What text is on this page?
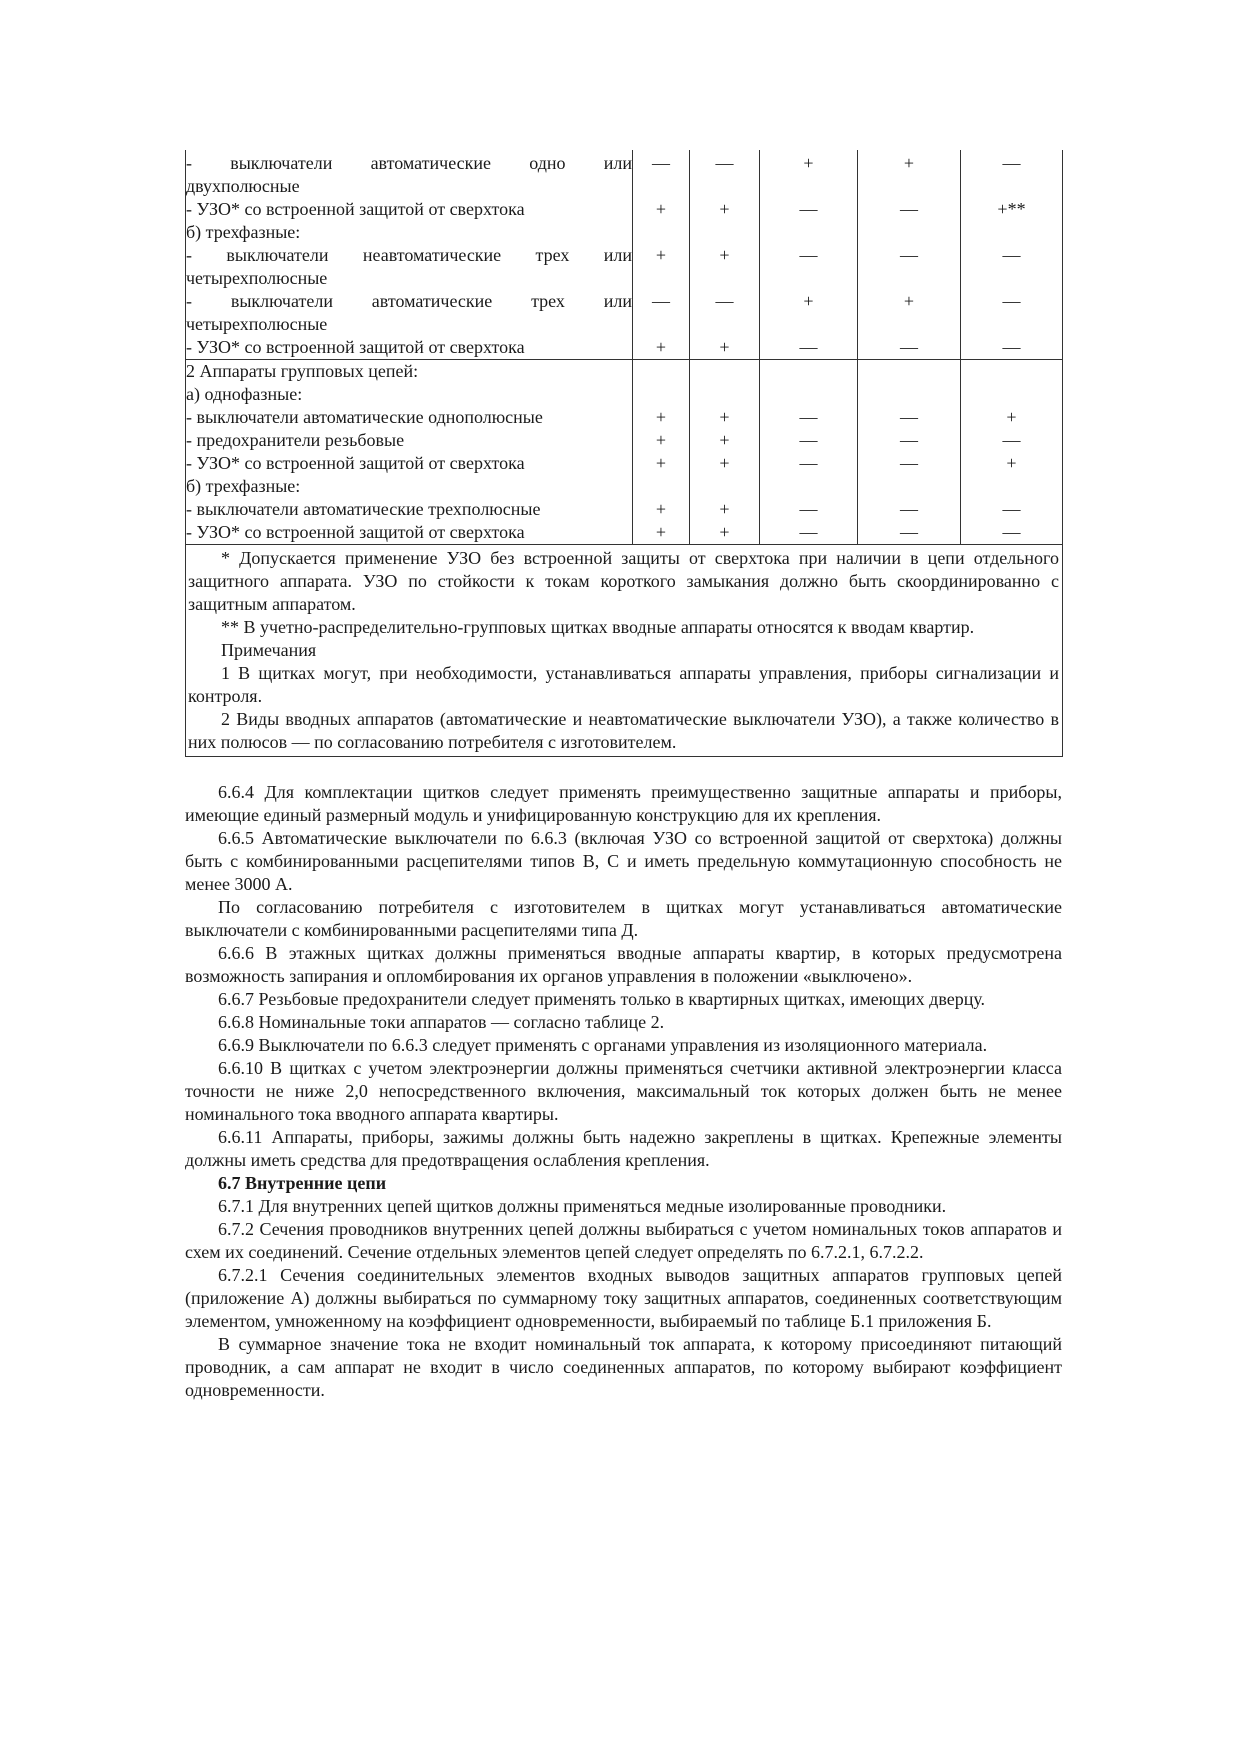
- выключатели автоматические одно или
двухполюсные	—	—	+	+	—

- УЗО* со встроенной защитой от сверхтока	+	+	—	—	+**

б) трехфазные:					

- выключатели неавтоматические трех или
четырехполюсные	+	+	—	—	—

- выключатели автоматические трех или
четырехполюсные	—	—	+	+	—

- УЗО* со встроенной защитой от сверхтока	+	+	—	—	—

2 Аппараты групповых цепей:					

а) однофазные:					

- выключатели автоматические однополюсные	+	+	—	—	+

- предохранители резьбовые	+	+	—	—	—

- УЗО* со встроенной защитой от сверхтока	+	+	—	—	+

б) трехфазные:					

- выключатели автоматические трехполюсные	+	+	—	—	—

- УЗО* со встроенной защитой от сверхтока	+	+	—	—	—

* Допускается применение УЗО без встроенной защиты от сверхтока при наличии в цепи отдельного защитного аппарата. УЗО по стойкости к токам короткого замыкания должно быть скоординированно с защитным аппаратом.

** В учетно-распределительно-групповых щитках вводные аппараты относятся к вводам квартир.

Примечания

1 В щитках могут, при необходимости, устанавливаться аппараты управления, приборы сигнализации и контроля.

2 Виды вводных аппаратов (автоматические и неавтоматические выключатели УЗО), а также количество в них полюсов — по согласованию потребителя с изготовителем.					

6.6.4 Для комплектации щитков следует применять преимущественно защитные аппараты и приборы, имеющие единый размерный модуль и унифицированную конструкцию для их крепления.

6.6.5 Автоматические выключатели по 6.6.3 (включая УЗО со встроенной защитой от сверхтока) должны быть с комбинированными расцепителями типов В, С и иметь предельную коммутационную способность не менее 3000 А.

По согласованию потребителя с изготовителем в щитках могут устанавливаться автоматические выключатели с комбинированными расцепителями типа Д.

6.6.6 В этажных щитках должны применяться вводные аппараты квартир, в которых предусмотрена возможность запирания и опломбирования их органов управления в положении «выключено».

6.6.7 Резьбовые предохранители следует применять только в квартирных щитках, имеющих дверцу.

6.6.8 Номинальные токи аппаратов — согласно таблице 2.

6.6.9 Выключатели по 6.6.3 следует применять с органами управления из изоляционного материала.

6.6.10 В щитках с учетом электроэнергии должны применяться счетчики активной электроэнергии класса точности не ниже 2,0 непосредственного включения, максимальный ток которых должен быть не менее номинального тока вводного аппарата квартиры.

6.6.11 Аппараты, приборы, зажимы должны быть надежно закреплены в щитках. Крепежные элементы должны иметь средства для предотвращения ослабления крепления.

6.7 Внутренние цепи

6.7.1 Для внутренних цепей щитков должны применяться медные изолированные проводники.

6.7.2 Сечения проводников внутренних цепей должны выбираться с учетом номинальных токов аппаратов и схем их соединений. Сечение отдельных элементов цепей следует определять по 6.7.2.1, 6.7.2.2.

6.7.2.1 Сечения соединительных элементов входных выводов защитных аппаратов групповых цепей (приложение А) должны выбираться по суммарному току защитных аппаратов, соединенных соответствующим элементом, умноженному на коэффициент одновременности, выбираемый по таблице Б.1 приложения Б.

В суммарное значение тока не входит номинальный ток аппарата, к которому присоединяют питающий проводник, а сам аппарат не входит в число соединенных аппаратов, по которому выбирают коэффициент одновременности.
